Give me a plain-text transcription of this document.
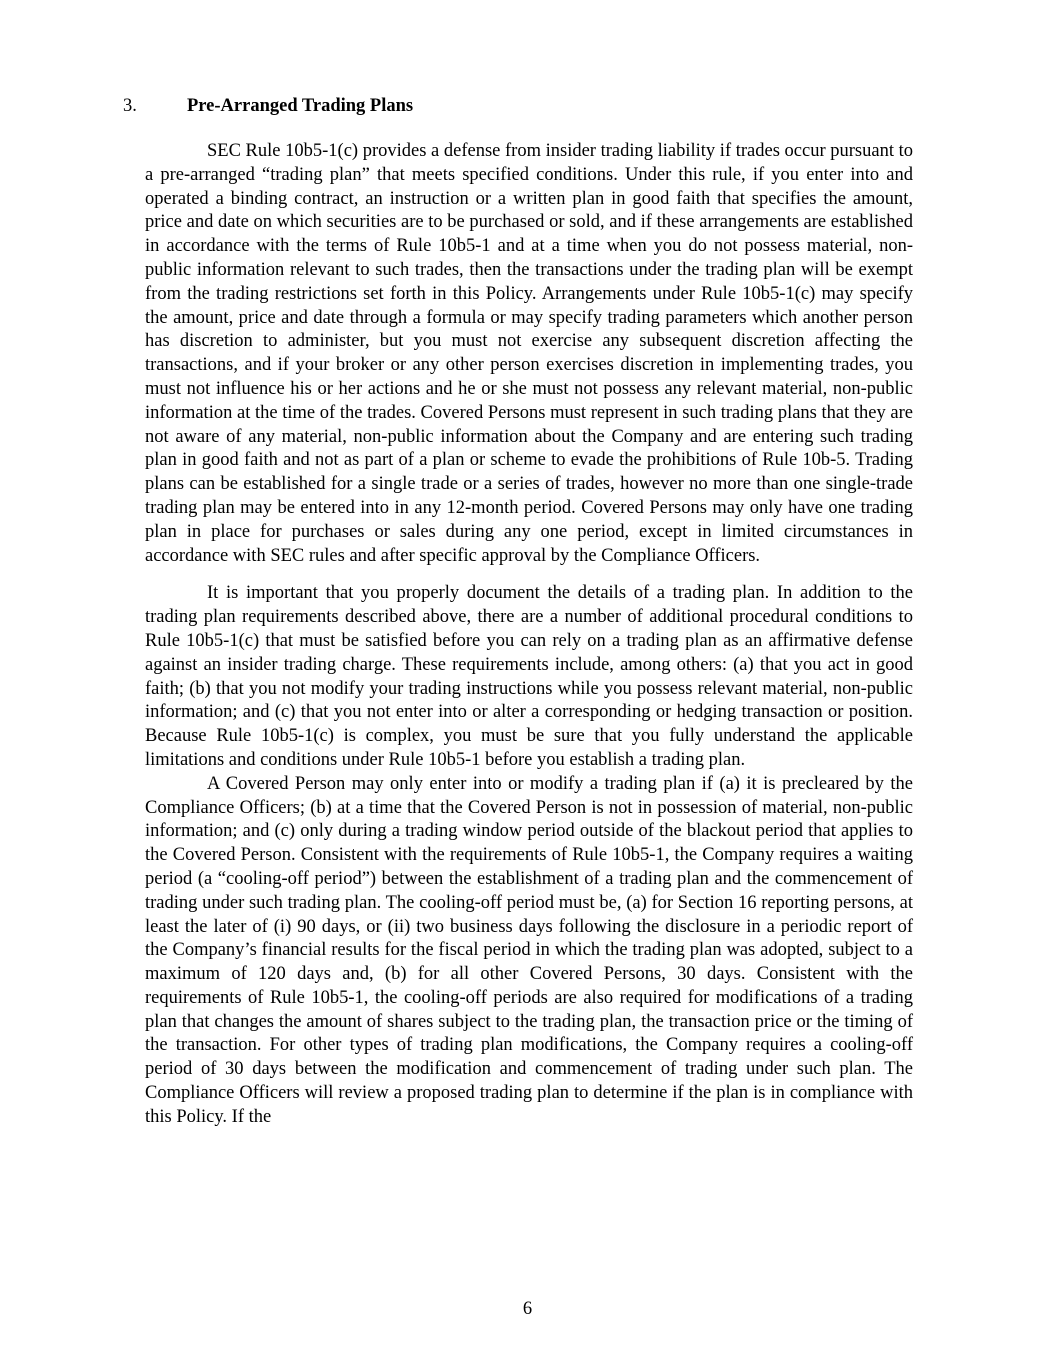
3.	Pre-Arranged Trading Plans

SEC Rule 10b5-1(c) provides a defense from insider trading liability if trades occur pursuant to a pre-arranged “trading plan” that meets specified conditions. Under this rule, if you enter into and operated a binding contract, an instruction or a written plan in good faith that specifies the amount, price and date on which securities are to be purchased or sold, and if these arrangements are established in accordance with the terms of Rule 10b5-1 and at a time when you do not possess material, non-public information relevant to such trades, then the transactions under the trading plan will be exempt from the trading restrictions set forth in this Policy. Arrangements under Rule 10b5-1(c) may specify the amount, price and date through a formula or may specify trading parameters which another person has discretion to administer, but you must not exercise any subsequent discretion affecting the transactions, and if your broker or any other person exercises discretion in implementing trades, you must not influence his or her actions and he or she must not possess any relevant material, non-public information at the time of the trades. Covered Persons must represent in such trading plans that they are not aware of any material, non-public information about the Company and are entering such trading plan in good faith and not as part of a plan or scheme to evade the prohibitions of Rule 10b-5. Trading plans can be established for a single trade or a series of trades, however no more than one single-trade trading plan may be entered into in any 12-month period. Covered Persons may only have one trading plan in place for purchases or sales during any one period, except in limited circumstances in accordance with SEC rules and after specific approval by the Compliance Officers.

It is important that you properly document the details of a trading plan. In addition to the trading plan requirements described above, there are a number of additional procedural conditions to Rule 10b5-1(c) that must be satisfied before you can rely on a trading plan as an affirmative defense against an insider trading charge. These requirements include, among others: (a) that you act in good faith; (b) that you not modify your trading instructions while you possess relevant material, non-public information; and (c) that you not enter into or alter a corresponding or hedging transaction or position. Because Rule 10b5-1(c) is complex, you must be sure that you fully understand the applicable limitations and conditions under Rule 10b5-1 before you establish a trading plan.

A Covered Person may only enter into or modify a trading plan if (a) it is precleared by the Compliance Officers; (b) at a time that the Covered Person is not in possession of material, non-public information; and (c) only during a trading window period outside of the blackout period that applies to the Covered Person. Consistent with the requirements of Rule 10b5-1, the Company requires a waiting period (a “cooling-off period”) between the establishment of a trading plan and the commencement of trading under such trading plan. The cooling-off period must be, (a) for Section 16 reporting persons, at least the later of (i) 90 days, or (ii) two business days following the disclosure in a periodic report of the Company’s financial results for the fiscal period in which the trading plan was adopted, subject to a maximum of 120 days and, (b) for all other Covered Persons, 30 days. Consistent with the requirements of Rule 10b5-1, the cooling-off periods are also required for modifications of a trading plan that changes the amount of shares subject to the trading plan, the transaction price or the timing of the transaction. For other types of trading plan modifications, the Company requires a cooling-off period of 30 days between the modification and commencement of trading under such plan. The Compliance Officers will review a proposed trading plan to determine if the plan is in compliance with this Policy. If the

6
